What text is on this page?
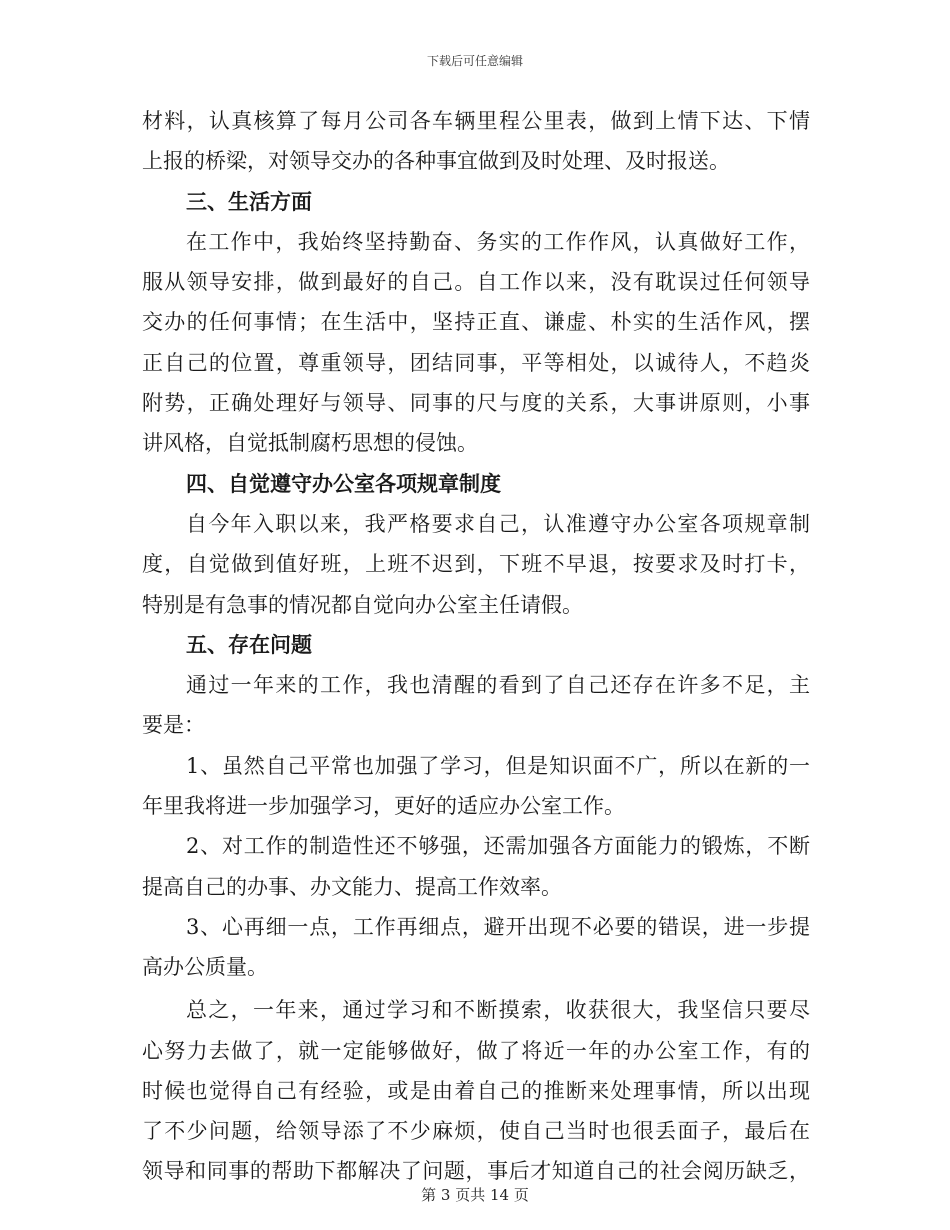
下载后可任意编辑
材料，认真核算了每月公司各车辆里程公里表，做到上情下达、下情
上报的桥梁，对领导交办的各种事宜做到及时处理、及时报送。
三、生活方面
在工作中，我始终坚持勤奋、务实的工作作风，认真做好工作，
服从领导安排，做到最好的自己。自工作以来，没有耽误过任何领导
交办的任何事情；在生活中，坚持正直、谦虚、朴实的生活作风，摆
正自己的位置，尊重领导，团结同事，平等相处，以诚待人，不趋炎
附势，正确处理好与领导、同事的尺与度的关系，大事讲原则，小事
讲风格，自觉抵制腐朽思想的侵蚀。
四、自觉遵守办公室各项规章制度
自今年入职以来，我严格要求自己，认准遵守办公室各项规章制
度，自觉做到值好班，上班不迟到，下班不早退，按要求及时打卡，
特别是有急事的情况都自觉向办公室主任请假。
五、存在问题
通过一年来的工作，我也清醒的看到了自己还存在许多不足，主
要是：
1、虽然自己平常也加强了学习，但是知识面不广，所以在新的一
年里我将进一步加强学习，更好的适应办公室工作。
2、对工作的制造性还不够强，还需加强各方面能力的锻炼，不断
提高自己的办事、办文能力、提高工作效率。
3、心再细一点，工作再细点，避开出现不必要的错误，进一步提
高办公质量。
总之，一年来，通过学习和不断摸索，收获很大，我坚信只要尽
心努力去做了，就一定能够做好，做了将近一年的办公室工作，有的
时候也觉得自己有经验，或是由着自己的推断来处理事情，所以出现
了不少问题，给领导添了不少麻烦，使自己当时也很丢面子，最后在
领导和同事的帮助下都解决了问题，事后才知道自己的社会阅历缺乏，
第 3 页共 14 页
